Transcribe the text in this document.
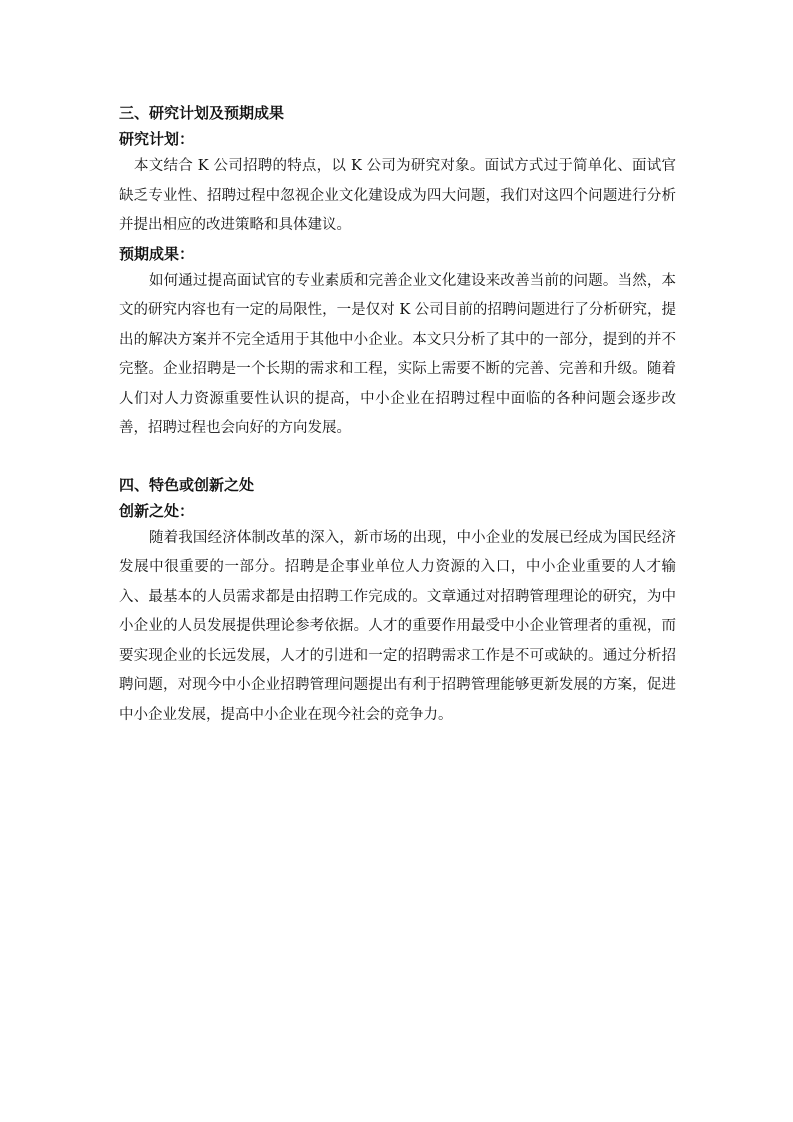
三、研究计划及预期成果
研究计划：

本文结合 K 公司招聘的特点，以 K 公司为研究对象。面试方式过于简单化、面试官缺乏专业性、招聘过程中忽视企业文化建设成为四大问题，我们对这四个问题进行分析并提出相应的改进策略和具体建议。

预期成果：

如何通过提高面试官的专业素质和完善企业文化建设来改善当前的问题。当然，本文的研究内容也有一定的局限性，一是仅对 K 公司目前的招聘问题进行了分析研究，提出的解决方案并不完全适用于其他中小企业。本文只分析了其中的一部分，提到的并不完整。企业招聘是一个长期的需求和工程，实际上需要不断的完善、完善和升级。随着人们对人力资源重要性认识的提高，中小企业在招聘过程中面临的各种问题会逐步改善，招聘过程也会向好的方向发展。

四、特色或创新之处
创新之处：

随着我国经济体制改革的深入，新市场的出现，中小企业的发展已经成为国民经济发展中很重要的一部分。招聘是企事业单位人力资源的入口，中小企业重要的人才输入、最基本的人员需求都是由招聘工作完成的。文章通过对招聘管理理论的研究，为中小企业的人员发展提供理论参考依据。人才的重要作用最受中小企业管理者的重视，而要实现企业的长远发展，人才的引进和一定的招聘需求工作是不可或缺的。通过分析招聘问题，对现今中小企业招聘管理问题提出有利于招聘管理能够更新发展的方案，促进中小企业发展，提高中小企业在现今社会的竞争力。
